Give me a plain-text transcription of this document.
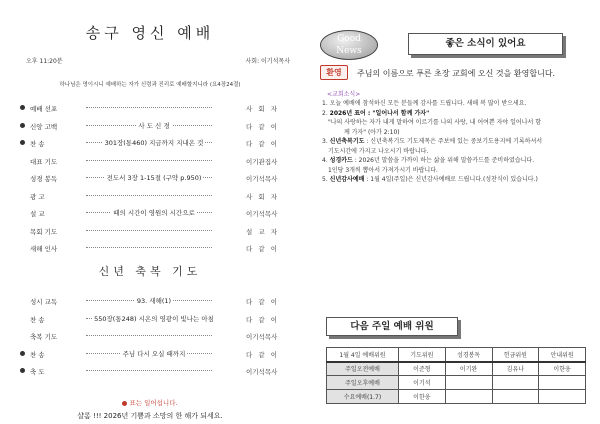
송구 영신 예배
오후 11:20분	사회: 이기석목사
하나님은 영이시니 예배하는 자가 신령과 진리로 예배할지니라 (요4장24절)
예배 선포	사 회 자
신앙 고백	사 도 신 경	다 같 이
찬 송	301장(통460) 지금까지 지내온 것	다 같 이
대표 기도	이기관집사
성경 봉독	전도서 3장 1-15절 (구약 p.950)	이기석목사
광 고	사 회 자
설 교	때의 시간이 영원의 시간으로	이기석목사
목회 기도	설 교 자
새해 인사	다 같 이
신년 축복 기도
성시 교독	93. 새해(1)	다 같 이
찬 송	550장(통248) 시온의 영광이 빛나는 아침	다 같 이
축복 기도	이기석목사
찬 송	주님 다시 오실 때까지	다 같 이
축 도	이기석목사
표는 일어섭니다.
샬롬 !!! 2026년 기쁨과 소망의 한 해가 되세요.
Good
News
좋은 소식이 있어요
환영	주님의 이름으로 푸른 초장 교회에 오신 것을 환영합니다.
<교회소식>
1. 오늘 예배에 참석하신 모든 분들께 감사를 드립니다. 새해 복 많이 받으세요.
2. 2026년 표어 : "일어나서 함께 가자"
"나의 사랑하는 자가 내게 말하여 이르기를 나의 사랑, 내 어여쁜 자야 일어나서 함
께 가자" (아가 2:10)
3. 신년축복기도 : 신년축복기도 기도제목은 주보에 있는 중보기도용지에 기록하셔서
기도시간에 가지고 나오시기 바랍니다.
4. 성경카드 : 2026년 말씀을 가까이 하는 삶을 위해 말씀카드를 준비하였습니다.
1인당 3개씩 뽑아서 가져가시기 바랍니다.
5. 신년감사예배 : 1월 4일(주일)은 신년감사예배로 드립니다.(성찬식이 있습니다.)
다음 주일 예배 위원
1월 4일 예배위원	기도위원	성경봉독	헌금위원	안내위원
주일오전예배	이준형	이기완	김유나	이한웅
주일오후예배	이기석			
수요예배(1.7)	이한웅			
